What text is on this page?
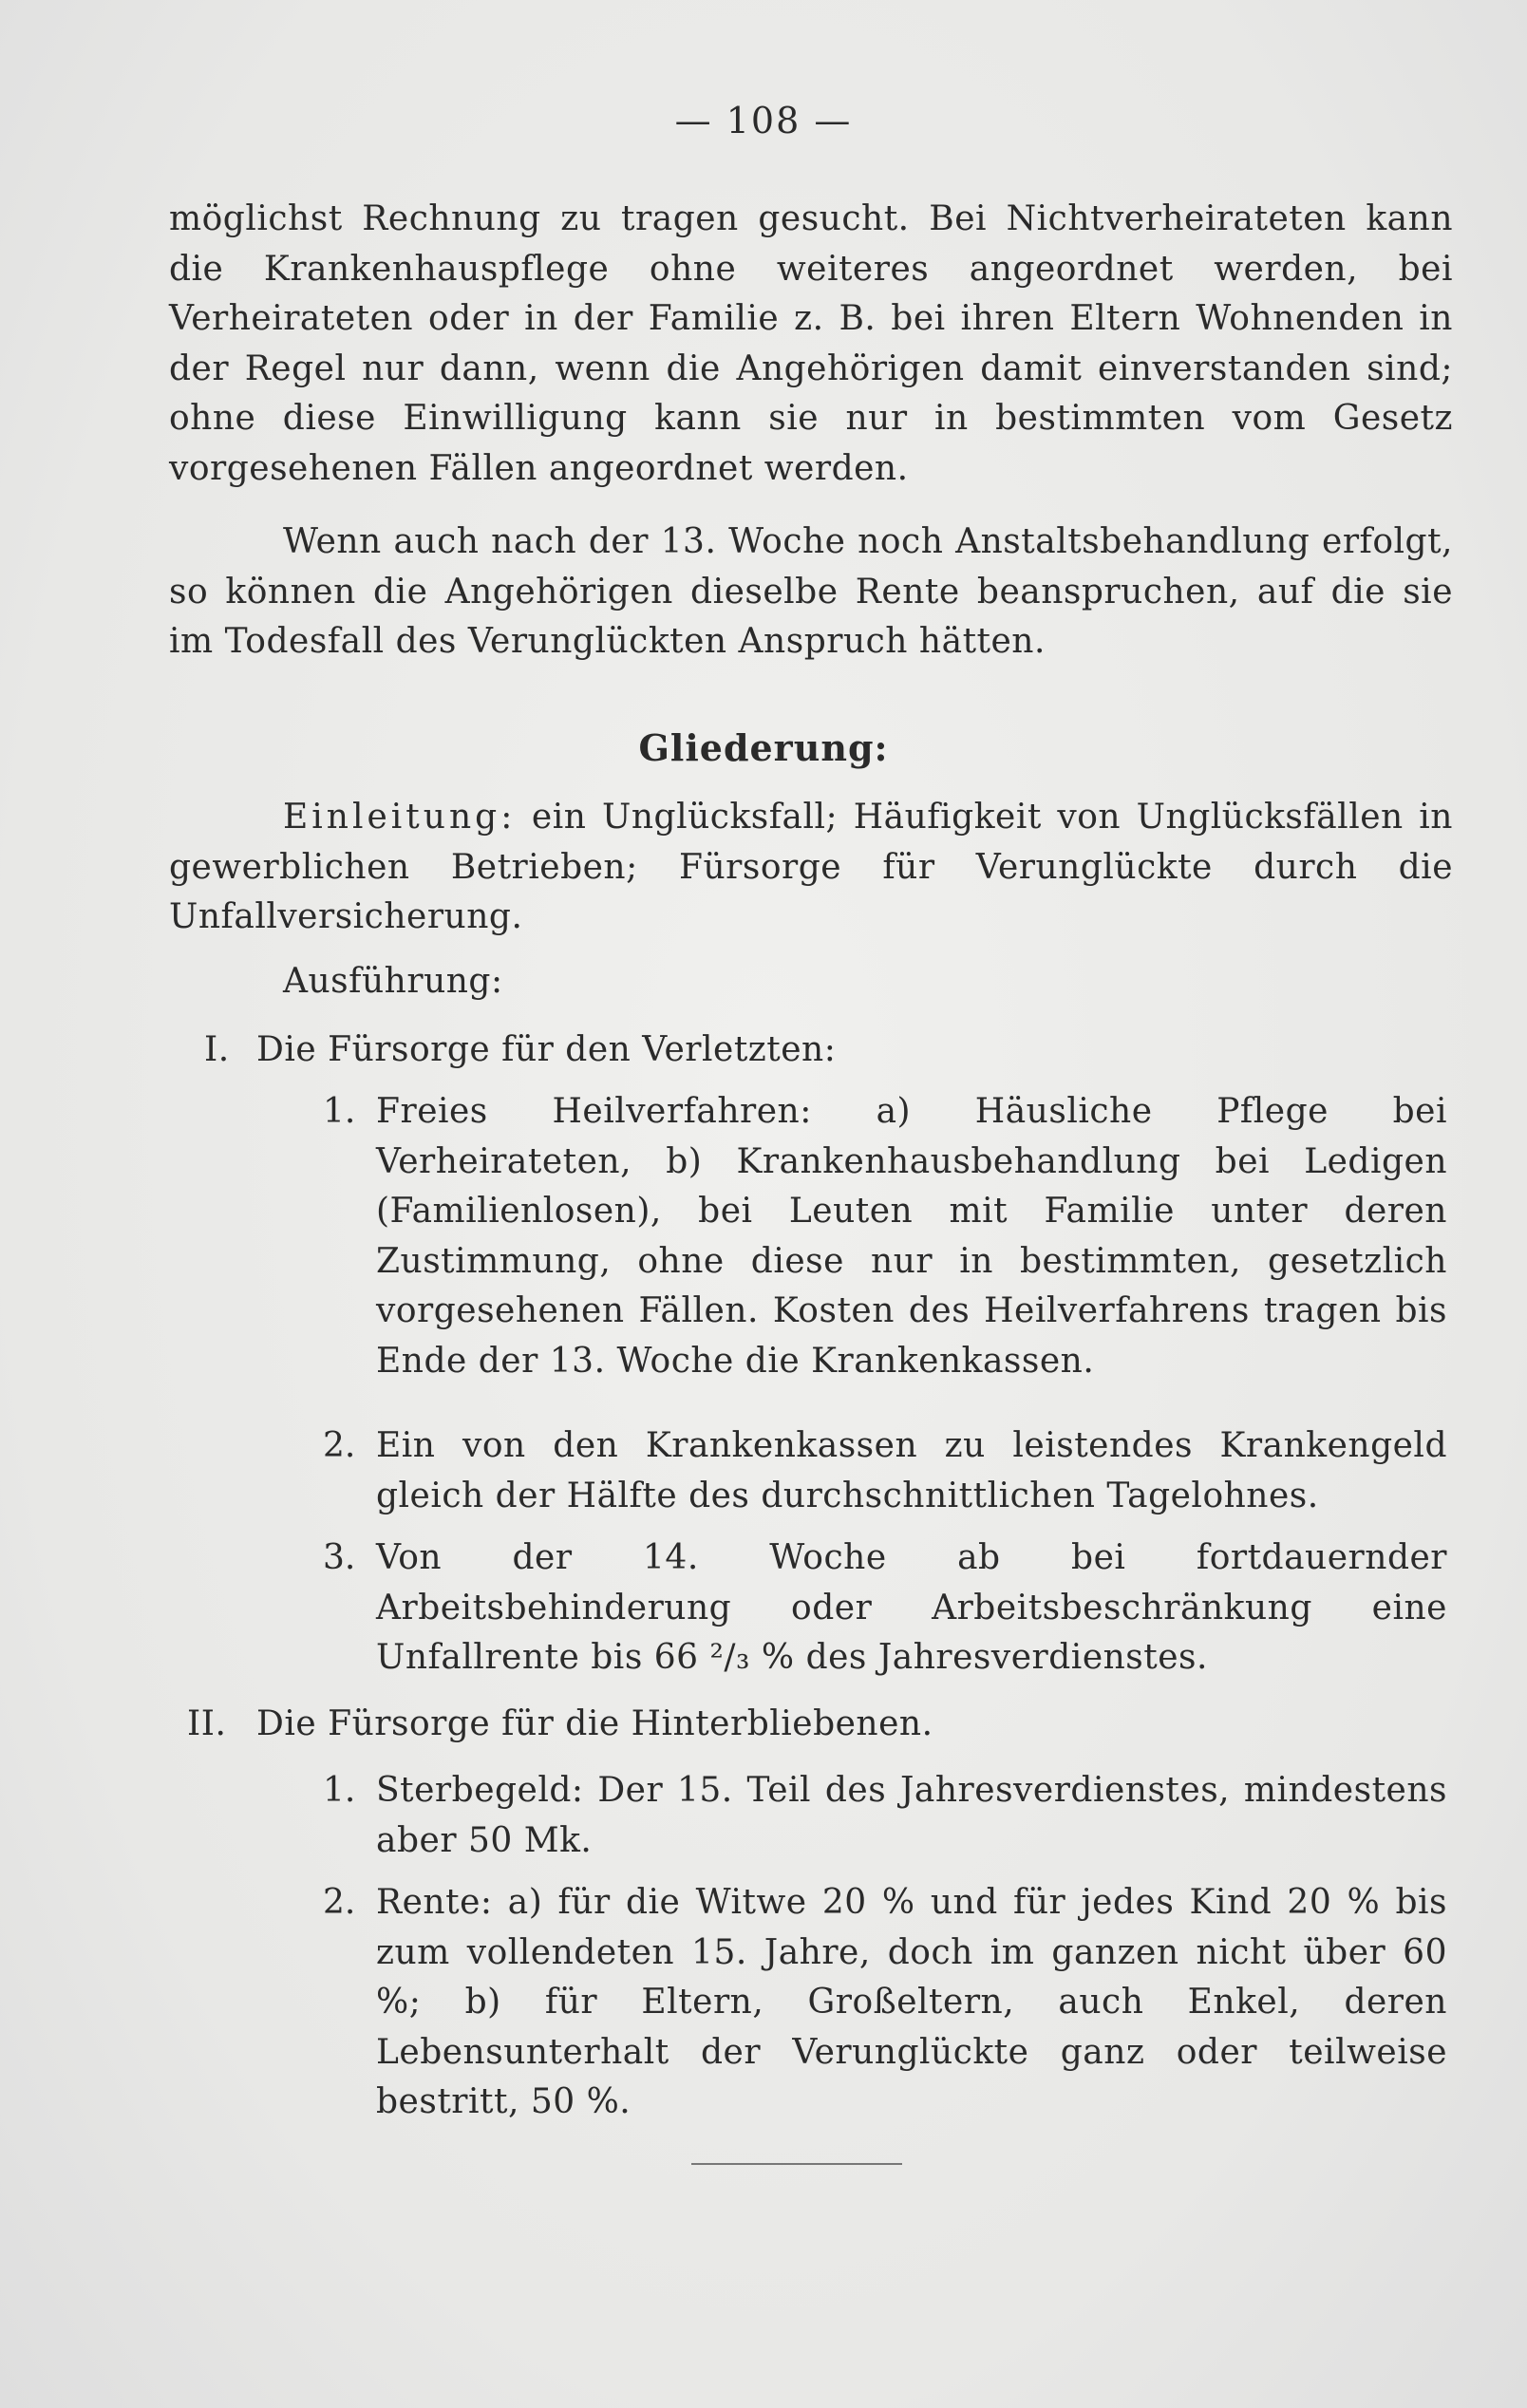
— 108 —

möglichst Rechnung zu tragen gesucht. Bei Nichtverheirateten kann die Krankenhauspflege ohne weiteres angeordnet werden, bei Verheirateten oder in der Familie z. B. bei ihren Eltern Wohnenden in der Regel nur dann, wenn die Angehörigen damit einverstanden sind; ohne diese Einwilligung kann sie nur in bestimmten vom Gesetz vorgesehenen Fällen angeordnet werden.

Wenn auch nach der 13. Woche noch Anstaltsbehandlung erfolgt, so können die Angehörigen dieselbe Rente beanspruchen, auf die sie im Todesfall des Verunglückten Anspruch hätten.

Gliederung:

Einleitung: ein Unglücksfall; Häufigkeit von Unglücksfällen in gewerblichen Betrieben; Fürsorge für Verunglückte durch die Unfallversicherung.

Ausführung:
I. Die Fürsorge für den Verletzten:
1. Freies Heilverfahren: a) Häusliche Pflege bei Verheirateten, b) Krankenhausbehandlung bei Ledigen (Familienlosen), bei Leuten mit Familie unter deren Zustimmung, ohne diese nur in bestimmten, gesetzlich vorgesehenen Fällen. Kosten des Heilverfahrens tragen bis Ende der 13. Woche die Krankenkassen.

2. Ein von den Krankenkassen zu leistendes Krankengeld gleich der Hälfte des durchschnittlichen Tagelohnes.

3. Von der 14. Woche ab bei fortdauernder Arbeitsbehinderung oder Arbeitsbeschränkung eine Unfallrente bis 66 ²/₃ % des Jahresverdienstes.

II. Die Fürsorge für die Hinterbliebenen.
1. Sterbegeld: Der 15. Teil des Jahresverdienstes, mindestens aber 50 Mk.

2. Rente: a) für die Witwe 20 % und für jedes Kind 20 % bis zum vollendeten 15. Jahre, doch im ganzen nicht über 60 %; b) für Eltern, Großeltern, auch Enkel, deren Lebensunterhalt der Verunglückte ganz oder teilweise bestritt, 50 %.
